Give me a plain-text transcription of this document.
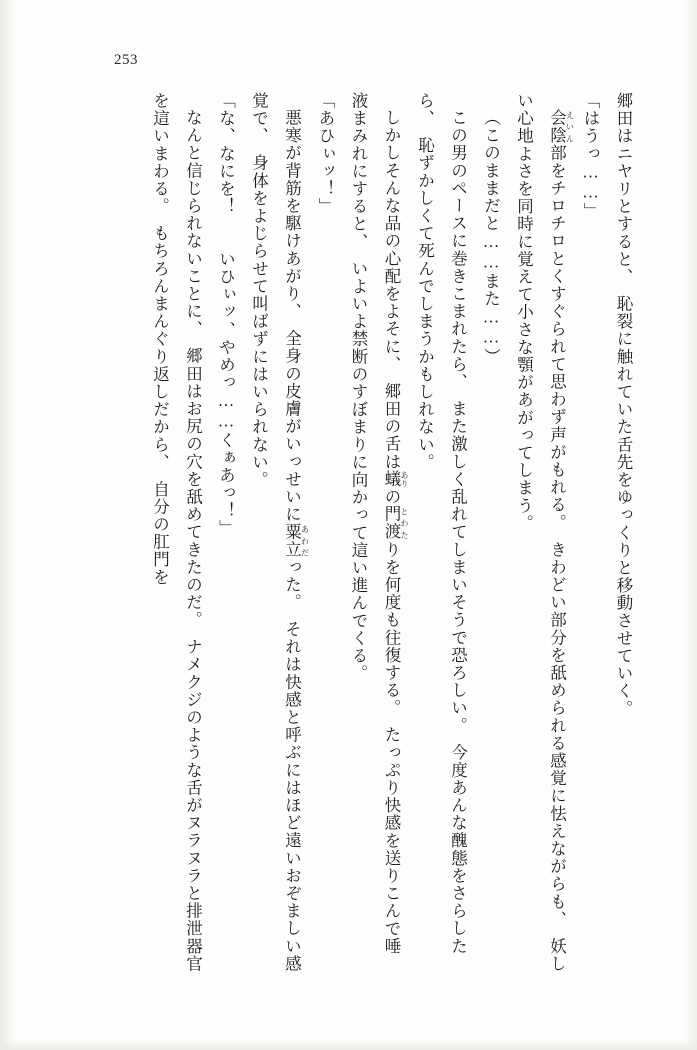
253

郷田はニヤリとすると、　恥裂に触れていた舌先をゆっくりと移動させていく。

「はうっ……」

会陰 えいん部をチロチロとくすぐられて思わず声がもれる。　きわどい部分を舐められる感覚に怯えながらも、　妖しい心地よさを同時に覚えて小さな顎があがってしまう。

（このままだと……また……）

この男のペースに巻きこまれたら、　また激しく乱れてしまいそうで恐ろしい。　今度あんな醜態をさらしたら、　恥ずかしくて死んでしまうかもしれない。

しかしそんな品の心配をよそに、　郷田の舌は蟻 ありの門渡 とわたりを何度も往復する。　たっぷり快感を送りこんで唾液まみれにすると、　いよいよ禁断のすぼまりに向かって這い進んでくる。

「あひぃッ！」

悪寒が背筋を駆けあがり、　全身の皮膚がいっせいに粟立 あわだった。　それは快感と呼ぶにはほど遠いおぞましい感覚で、　身体をよじらせて叫ばずにはいられない。

「な、なにを！　　いひぃッ、やめっ……くぁあっ！」

なんと信じられないことに、　郷田はお尻の穴を舐めてきたのだ。　ナメクジのような舌がヌラヌラと排泄器官を這いまわる。　もちろんまんぐり返しだから、　自分の肛門を
